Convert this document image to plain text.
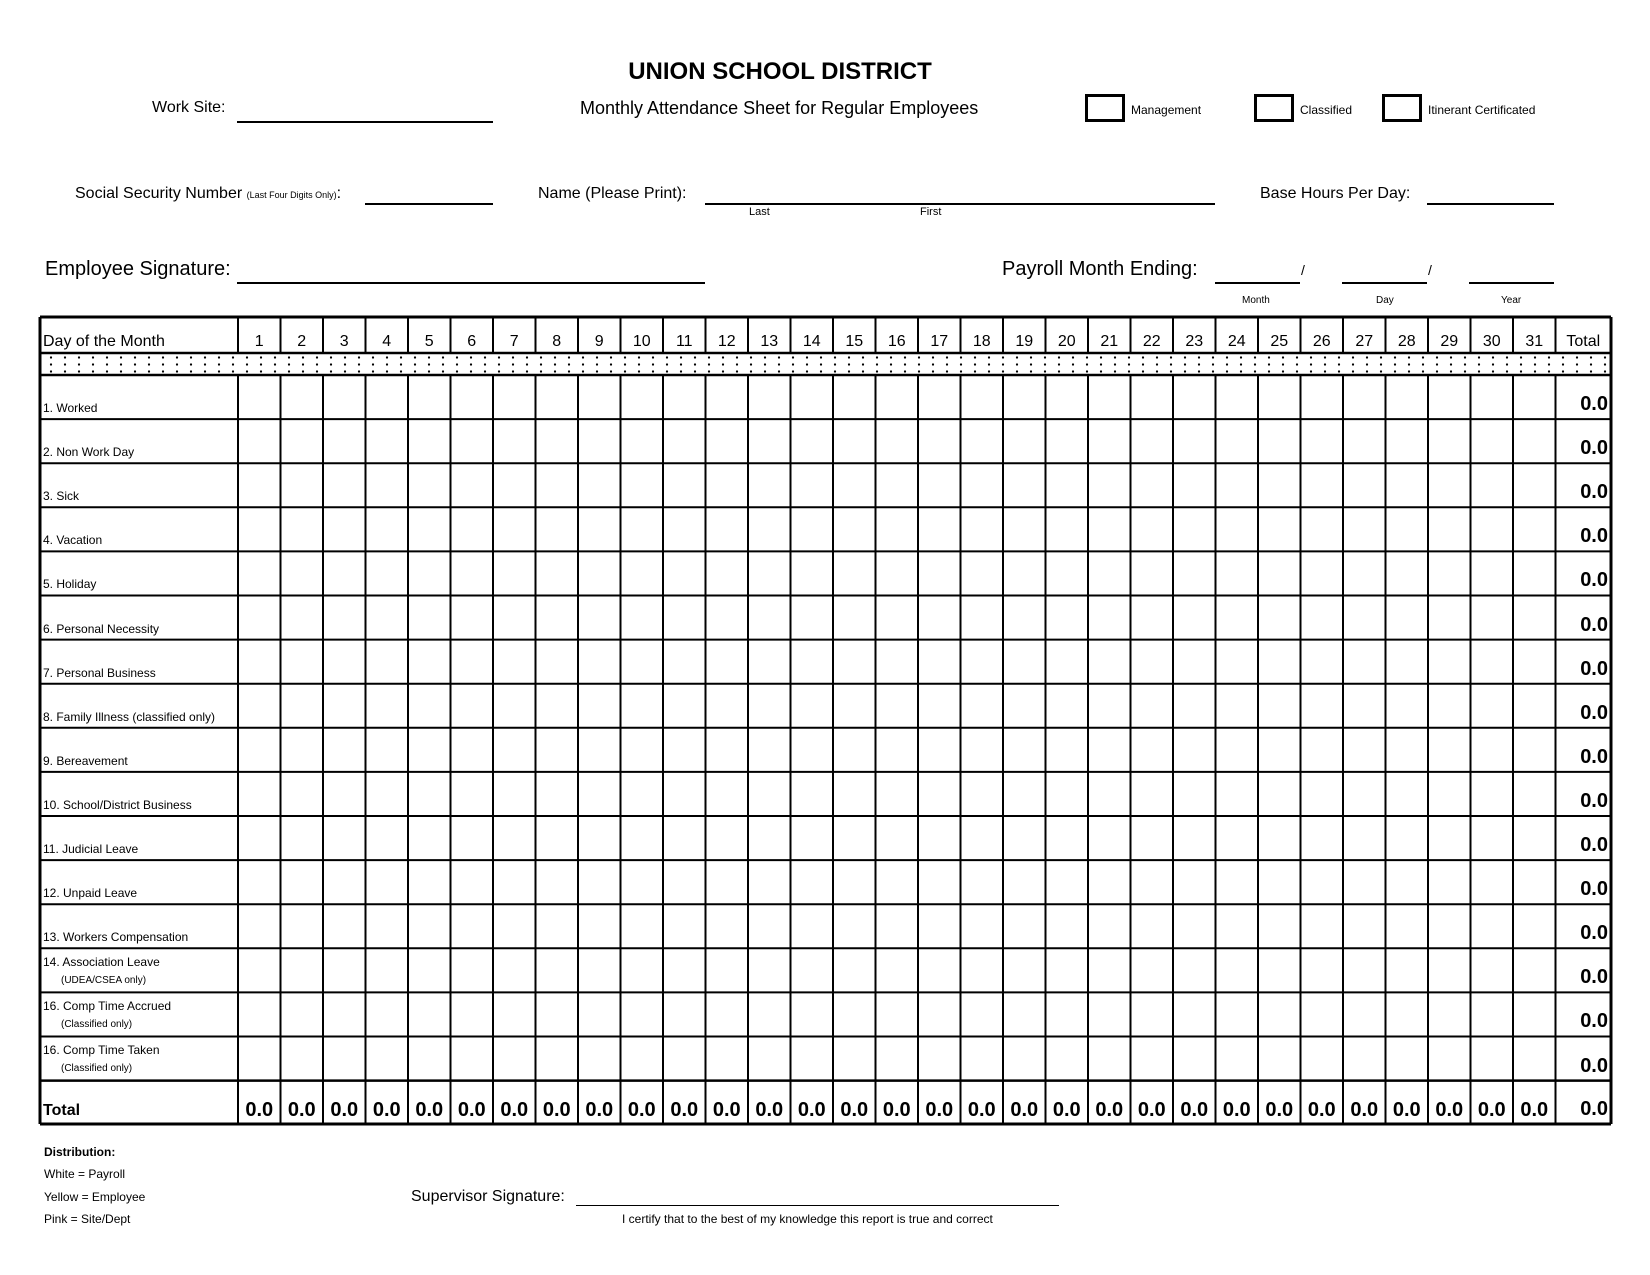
UNION SCHOOL DISTRICT
Monthly Attendance Sheet for Regular Employees
Work Site:	Management	Classified	Itinerant Certificated
Social Security Number (Last Four Digits Only):	Name (Please Print):
Last	First
Base Hours Per Day:
Employee Signature:	Payroll Month Ending:	/	/
Month	Day	Year
Day of the Month	1	2	3	4	5	6	7	8	9	10	11	12	13	14	15	16	17	18	19	20	21	22	23	24	25	26	27	28	29	30	31	Total
1. Worked	0.0
2. Non Work Day	0.0
3. Sick	0.0
4. Vacation	0.0
5. Holiday	0.0
6. Personal Necessity	0.0
7. Personal Business	0.0
8. Family Illness (classified only)	0.0
9. Bereavement	0.0
10. School/District Business	0.0
11. Judicial Leave	0.0
12. Unpaid Leave	0.0
13. Workers Compensation	0.0
14. Association Leave
(UDEA/CSEA only)	0.0
16. Comp Time Accrued
(Classified only)	0.0
16. Comp Time Taken
(Classified only)	0.0
Total	0.0 0.0 0.0 0.0 0.0 0.0 0.0 0.0 0.0 0.0 0.0 0.0 0.0 0.0 0.0 0.0 0.0 0.0 0.0 0.0 0.0 0.0 0.0 0.0 0.0 0.0 0.0 0.0 0.0 0.0 0.0	0.0
Distribution:
White = Payroll
Yellow = Employee
Pink = Site/Dept
Supervisor Signature:
I certify that to the best of my knowledge this report is true and correct
